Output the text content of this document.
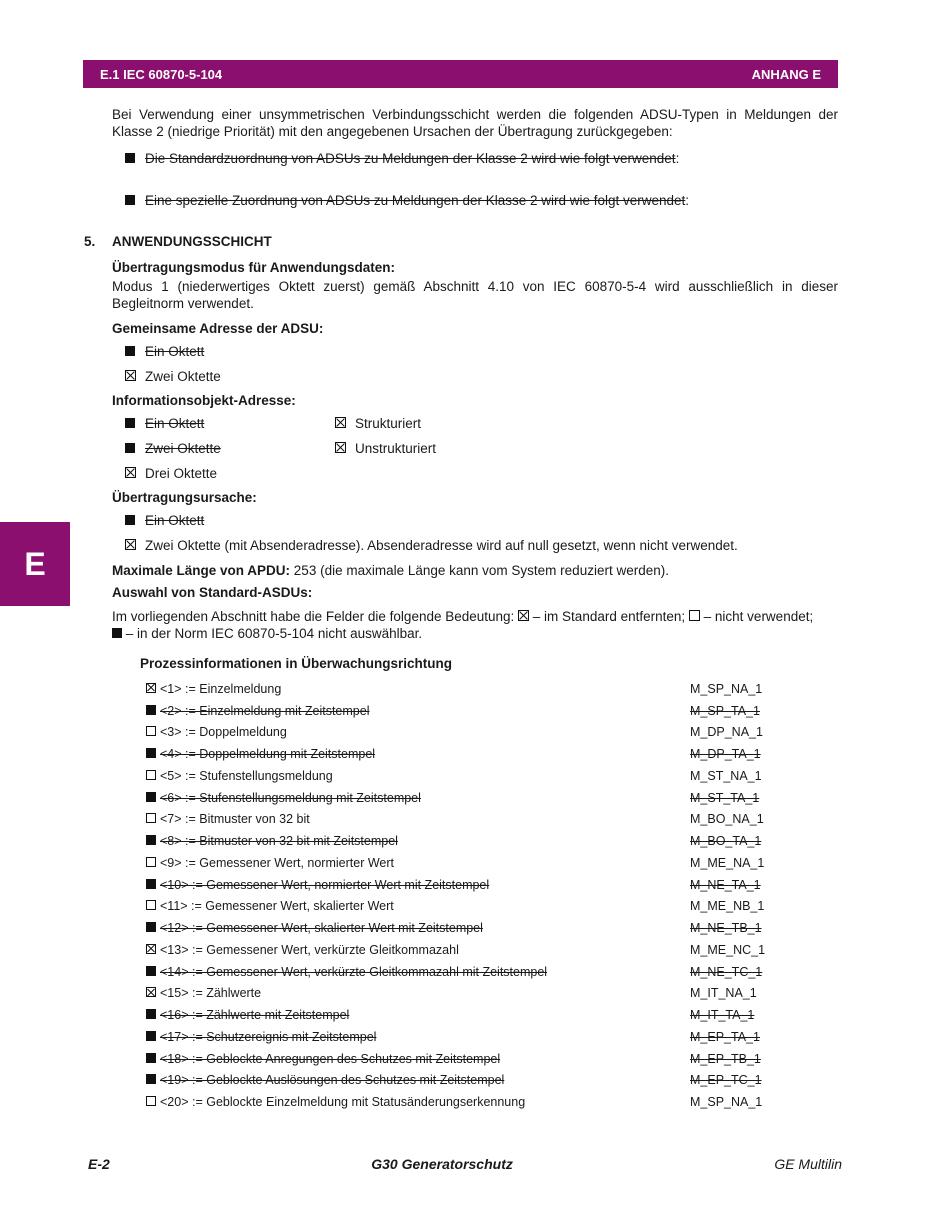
E.1 IEC 60870-5-104	ANHANG E
E

Bei Verwendung einer unsymmetrischen Verbindungsschicht werden die folgenden ADSU-Typen in Meldungen der Klasse 2 (niedrige Priorität) mit den angegebenen Ursachen der Übertragung zurückgegeben:

Die Standardzuordnung von ADSUs zu Meldungen der Klasse 2 wird wie folgt verwendet:
Eine spezielle Zuordnung von ADSUs zu Meldungen der Klasse 2 wird wie folgt verwendet:
5. ANWENDUNGSSCHICHT
Übertragungsmodus für Anwendungsdaten:

Modus 1 (niederwertiges Oktett zuerst) gemäß Abschnitt 4.10 von IEC 60870-5-4 wird ausschließlich in dieser Begleitnorm verwendet.

Gemeinsame Adresse der ADSU:
Ein Oktett
Zwei Oktette
Informationsobjekt-Adresse:
Ein Oktett
Zwei Oktette
Drei Oktette
Strukturiert
Unstrukturiert
Übertragungsursache:
Ein Oktett
Zwei Oktette (mit Absenderadresse). Absenderadresse wird auf null gesetzt, wenn nicht verwendet.
Maximale Länge von APDU: 253 (die maximale Länge kann vom System reduziert werden).
Auswahl von Standard-ASDUs:

Im vorliegenden Abschnitt habe die Felder die folgende Bedeutung:  – im Standard entfernten;  – nicht verwendet;
– in der Norm IEC 60870-5-104 nicht auswählbar.

Prozessinformationen in Überwachungsrichtung
<1> := Einzelmeldung	M_SP_NA_1
<2> := Einzelmeldung mit Zeitstempel	M_SP_TA_1
<3> := Doppelmeldung	M_DP_NA_1
<4> := Doppelmeldung mit Zeitstempel	M_DP_TA_1
<5> := Stufenstellungsmeldung	M_ST_NA_1
<6> := Stufenstellungsmeldung mit Zeitstempel	M_ST_TA_1
<7> := Bitmuster von 32 bit	M_BO_NA_1
<8> := Bitmuster von 32 bit mit Zeitstempel	M_BO_TA_1
<9> := Gemessener Wert, normierter Wert	M_ME_NA_1
<10> := Gemessener Wert, normierter Wert mit Zeitstempel	M_NE_TA_1
<11> := Gemessener Wert, skalierter Wert	M_ME_NB_1
<12> := Gemessener Wert, skalierter Wert mit Zeitstempel	M_NE_TB_1
<13> := Gemessener Wert, verkürzte Gleitkommazahl	M_ME_NC_1
<14> := Gemessener Wert, verkürzte Gleitkommazahl mit Zeitstempel	M_NE_TC_1
<15> := Zählwerte	M_IT_NA_1
<16> := Zählwerte mit Zeitstempel	M_IT_TA_1
<17> := Schutzereignis mit Zeitstempel	M_EP_TA_1
<18> := Geblockte Anregungen des Schutzes mit Zeitstempel	M_EP_TB_1
<19> := Geblockte Auslösungen des Schutzes mit Zeitstempel	M_EP_TC_1
<20> := Geblockte Einzelmeldung mit Statusänderungserkennung	M_SP_NA_1
E-2	G30 Generatorschutz	GE Multilin
